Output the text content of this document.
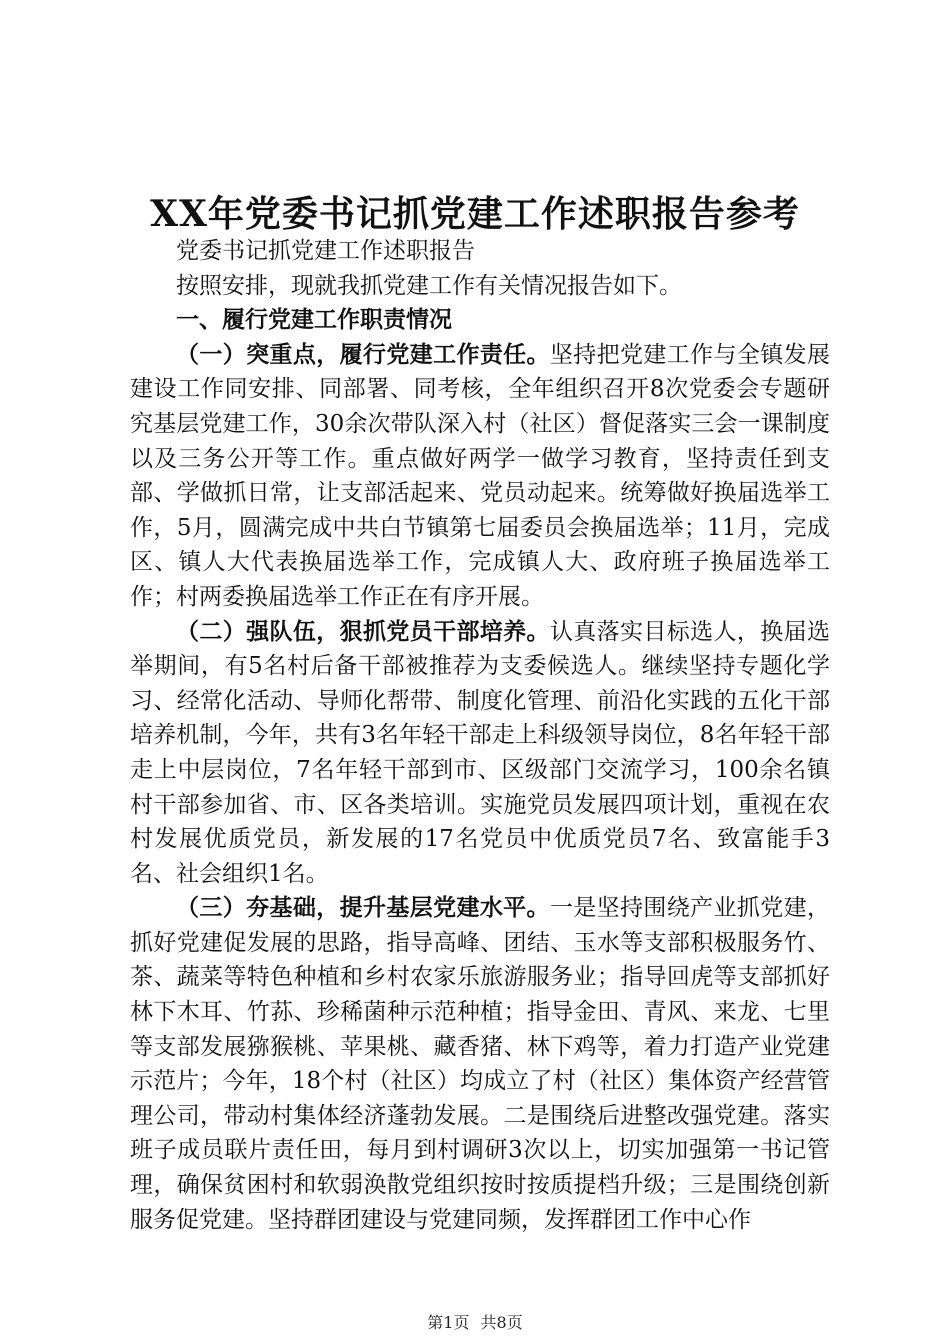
XX年党委书记抓党建工作述职报告参考

党委书记抓党建工作述职报告

按照安排，现就我抓党建工作有关情况报告如下。

一、履行党建工作职责情况

（一）突重点，履行党建工作责任。坚持把党建工作与全镇发展建设工作同安排、同部署、同考核，全年组织召开8次党委会专题研究基层党建工作，30余次带队深入村（社区）督促落实三会一课制度以及三务公开等工作。重点做好两学一做学习教育，坚持责任到支部、学做抓日常，让支部活起来、党员动起来。统筹做好换届选举工作，5月，圆满完成中共白节镇第七届委员会换届选举；11月，完成区、镇人大代表换届选举工作，完成镇人大、政府班子换届选举工作；村两委换届选举工作正在有序开展。

（二）强队伍，狠抓党员干部培养。认真落实目标选人，换届选举期间，有5名村后备干部被推荐为支委候选人。继续坚持专题化学习、经常化活动、导师化帮带、制度化管理、前沿化实践的五化干部培养机制，今年，共有3名年轻干部走上科级领导岗位，8名年轻干部走上中层岗位，7名年轻干部到市、区级部门交流学习，100余名镇村干部参加省、市、区各类培训。实施党员发展四项计划，重视在农村发展优质党员，新发展的17名党员中优质党员7名、致富能手3名、社会组织1名。

（三）夯基础，提升基层党建水平。一是坚持围绕产业抓党建，抓好党建促发展的思路，指导高峰、团结、玉水等支部积极服务竹、茶、蔬菜等特色种植和乡村农家乐旅游服务业；指导回虎等支部抓好林下木耳、竹荪、珍稀菌种示范种植；指导金田、青风、来龙、七里等支部发展猕猴桃、苹果桃、藏香猪、林下鸡等，着力打造产业党建示范片；今年，18个村（社区）均成立了村（社区）集体资产经营管理公司，带动村集体经济蓬勃发展。二是围绕后进整改强党建。落实班子成员联片责任田，每月到村调研3次以上，切实加强第一书记管理，确保贫困村和软弱涣散党组织按时按质提档升级；三是围绕创新服务促党建。坚持群团建设与党建同频，发挥群团工作中心作

第1页 共8页
